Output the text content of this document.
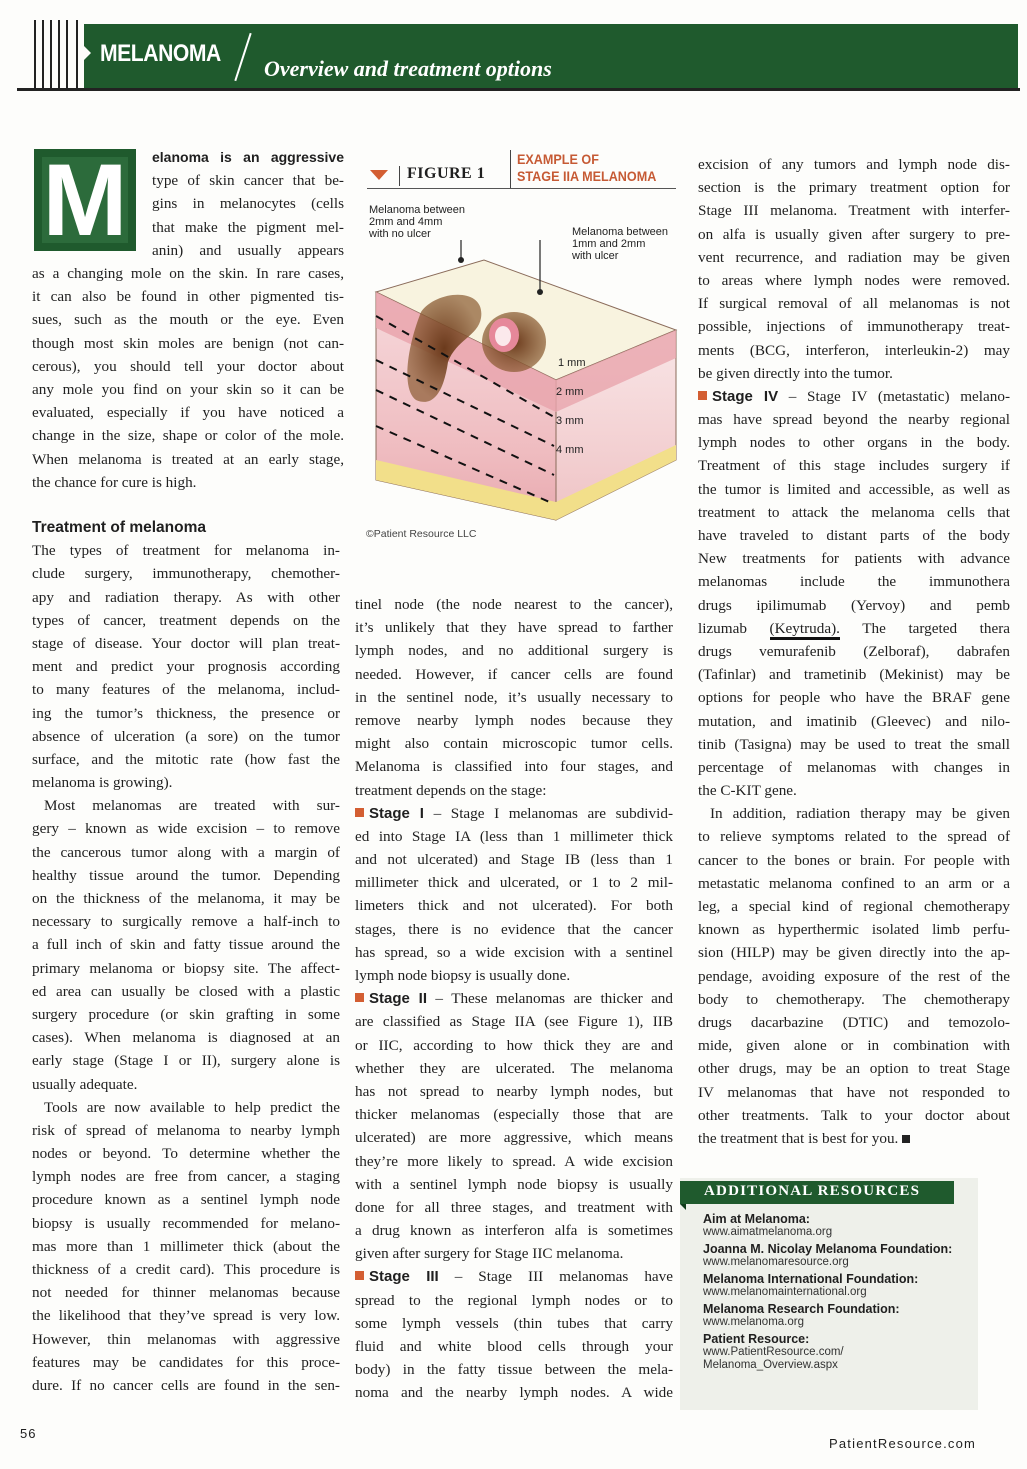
MELANOMA
Overview and treatment options
M elanoma is an aggressive
type of skin cancer that be-
gins in melanocytes (cells
that make the pigment mel-
anin) and usually appears
as a changing mole on the skin. In rare cases,
it can also be found in other pigmented tis-
sues, such as the mouth or the eye. Even
though most skin moles are benign (not can-
cerous), you should tell your doctor about
any mole you find on your skin so it can be
evaluated, especially if you have noticed a
change in the size, shape or color of the mole.
When melanoma is treated at an early stage,
the chance for cure is high.
Treatment of melanoma
The types of treatment for melanoma in-
clude surgery, immunotherapy, chemother-
apy and radiation therapy. As with other
types of cancer, treatment depends on the
stage of disease. Your doctor will plan treat-
ment and predict your prognosis according
to many features of the melanoma, includ-
ing the tumor’s thickness, the presence or
absence of ulceration (a sore) on the tumor
surface, and the mitotic rate (how fast the
melanoma is growing).
Most melanomas are treated with sur-
gery – known as wide excision – to remove
the cancerous tumor along with a margin of
healthy tissue around the tumor. Depending
on the thickness of the melanoma, it may be
necessary to surgically remove a half-inch to
a full inch of skin and fatty tissue around the
primary melanoma or biopsy site. The affect-
ed area can usually be closed with a plastic
surgery procedure (or skin grafting in some
cases). When melanoma is diagnosed at an
early stage (Stage I or II), surgery alone is
usually adequate.
Tools are now available to help predict the
risk of spread of melanoma to nearby lymph
nodes or beyond. To determine whether the
lymph nodes are free from cancer, a staging
procedure known as a sentinel lymph node
biopsy is usually recommended for melano-
mas more than 1 millimeter thick (about the
thickness of a credit card). This procedure is
not needed for thinner melanomas because
the likelihood that they’ve spread is very low.
However, thin melanomas with aggressive
features may be candidates for this proce-
dure. If no cancer cells are found in the sen-
FIGURE 1
EXAMPLE OF
STAGE IIA MELANOMA
Melanoma between
2mm and 4mm
with no ulcer	Melanoma between
1mm and 2mm
with ulcer
1 mm
2 mm
3 mm
4 mm
©Patient Resource LLC
tinel node (the node nearest to the cancer),
it’s unlikely that they have spread to farther
lymph nodes, and no additional surgery is
needed. However, if cancer cells are found
in the sentinel node, it’s usually necessary to
remove nearby lymph nodes because they
might also contain microscopic tumor cells.
Melanoma is classified into four stages, and
treatment depends on the stage:
Stage I – Stage I melanomas are subdivid-
ed into Stage IA (less than 1 millimeter thick
and not ulcerated) and Stage IB (less than 1
millimeter thick and ulcerated, or 1 to 2 mil-
limeters thick and not ulcerated). For both
stages, there is no evidence that the cancer
has spread, so a wide excision with a sentinel
lymph node biopsy is usually done.
Stage II – These melanomas are thicker and
are classified as Stage IIA (see Figure 1), IIB
or IIC, according to how thick they are and
whether they are ulcerated. The melanoma
has not spread to nearby lymph nodes, but
thicker melanomas (especially those that are
ulcerated) are more aggressive, which means
they’re more likely to spread. A wide excision
with a sentinel lymph node biopsy is usually
done for all three stages, and treatment with
a drug known as interferon alfa is sometimes
given after surgery for Stage IIC melanoma.
Stage III – Stage III melanomas have
spread to the regional lymph nodes or to
some lymph vessels (thin tubes that carry
fluid and white blood cells through your
body) in the fatty tissue between the mela-
noma and the nearby lymph nodes. A wide
excision of any tumors and lymph node dis-
section is the primary treatment option for
Stage III melanoma. Treatment with interfer-
on alfa is usually given after surgery to pre-
vent recurrence, and radiation may be given
to areas where lymph nodes were removed.
If surgical removal of all melanomas is not
possible, injections of immunotherapy treat-
ments (BCG, interferon, interleukin-2) may
be given directly into the tumor.
Stage IV – Stage IV (metastatic) melano-
mas have spread beyond the nearby regional
lymph nodes to other organs in the body.
Treatment of this stage includes surgery if
the tumor is limited and accessible, as well as
treatment to attack the melanoma cells that
have traveled to distant parts of the body
New treatments for patients with advance
melanomas include the immunothera
drugs ipilimumab (Yervoy) and pemb
lizumab (Keytruda). The targeted thera
drugs vemurafenib (Zelboraf), dabrafen
(Tafinlar) and trametinib (Mekinist) may be
options for people who have the BRAF gene
mutation, and imatinib (Gleevec) and nilo-
tinib (Tasigna) may be used to treat the small
percentage of melanomas with changes in
the C-KIT gene.
In addition, radiation therapy may be given
to relieve symptoms related to the spread of
cancer to the bones or brain. For people with
metastatic melanoma confined to an arm or a
leg, a special kind of regional chemotherapy
known as hyperthermic isolated limb perfu-
sion (HILP) may be given directly into the ap-
pendage, avoiding exposure of the rest of the
body to chemotherapy. The chemotherapy
drugs dacarbazine (DTIC) and temozolo-
mide, given alone or in combination with
other drugs, may be an option to treat Stage
IV melanomas that have not responded to
other treatments. Talk to your doctor about
the treatment that is best for you.
ADDITIONAL RESOURCES
Aim at Melanoma:
www.aimatmelanoma.org
Joanna M. Nicolay Melanoma Foundation:
www.melanomaresource.org
Melanoma International Foundation:
www.melanomainternational.org
Melanoma Research Foundation:
www.melanoma.org
Patient Resource:
www.PatientResource.com/
Melanoma_Overview.aspx
56
PatientResource.com
